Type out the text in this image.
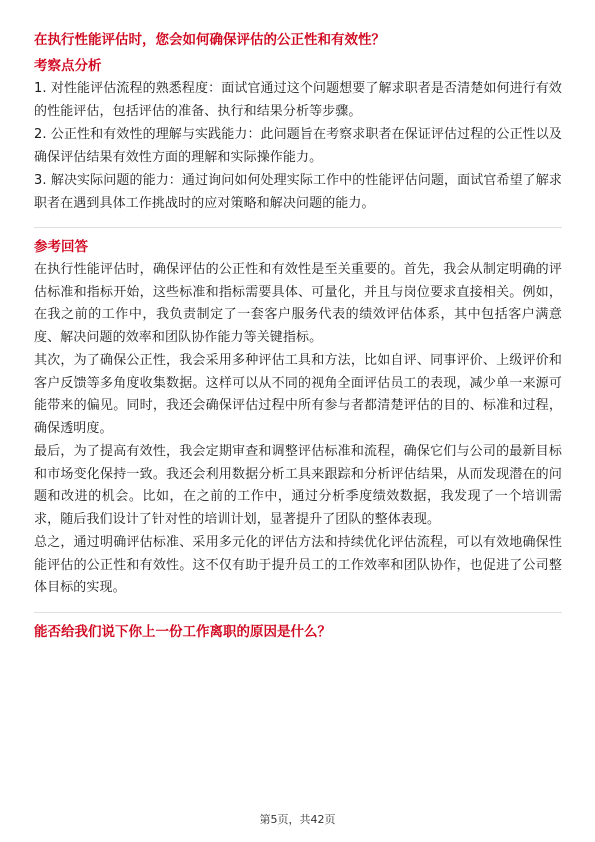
在执行性能评估时，您会如何确保评估的公正性和有效性？

考察点分析

1. 对性能评估流程的熟悉程度：面试官通过这个问题想要了解求职者是否清楚如何进行有效的性能评估，包括评估的准备、执行和结果分析等步骤。

2. 公正性和有效性的理解与实践能力：此问题旨在考察求职者在保证评估过程的公正性以及确保评估结果有效性方面的理解和实际操作能力。

3. 解决实际问题的能力：通过询问如何处理实际工作中的性能评估问题，面试官希望了解求职者在遇到具体工作挑战时的应对策略和解决问题的能力。

参考回答

在执行性能评估时，确保评估的公正性和有效性是至关重要的。首先，我会从制定明确的评估标准和指标开始，这些标准和指标需要具体、可量化，并且与岗位要求直接相关。例如，在我之前的工作中，我负责制定了一套客户服务代表的绩效评估体系，其中包括客户满意度、解决问题的效率和团队协作能力等关键指标。

其次，为了确保公正性，我会采用多种评估工具和方法，比如自评、同事评价、上级评价和客户反馈等多角度收集数据。这样可以从不同的视角全面评估员工的表现，减少单一来源可能带来的偏见。同时，我还会确保评估过程中所有参与者都清楚评估的目的、标准和过程，确保透明度。

最后，为了提高有效性，我会定期审查和调整评估标准和流程，确保它们与公司的最新目标和市场变化保持一致。我还会利用数据分析工具来跟踪和分析评估结果，从而发现潜在的问题和改进的机会。比如，在之前的工作中，通过分析季度绩效数据，我发现了一个培训需求，随后我们设计了针对性的培训计划，显著提升了团队的整体表现。

总之，通过明确评估标准、采用多元化的评估方法和持续优化评估流程，可以有效地确保性能评估的公正性和有效性。这不仅有助于提升员工的工作效率和团队协作，也促进了公司整体目标的实现。

能否给我们说下你上一份工作离职的原因是什么？

第5页，共42页
